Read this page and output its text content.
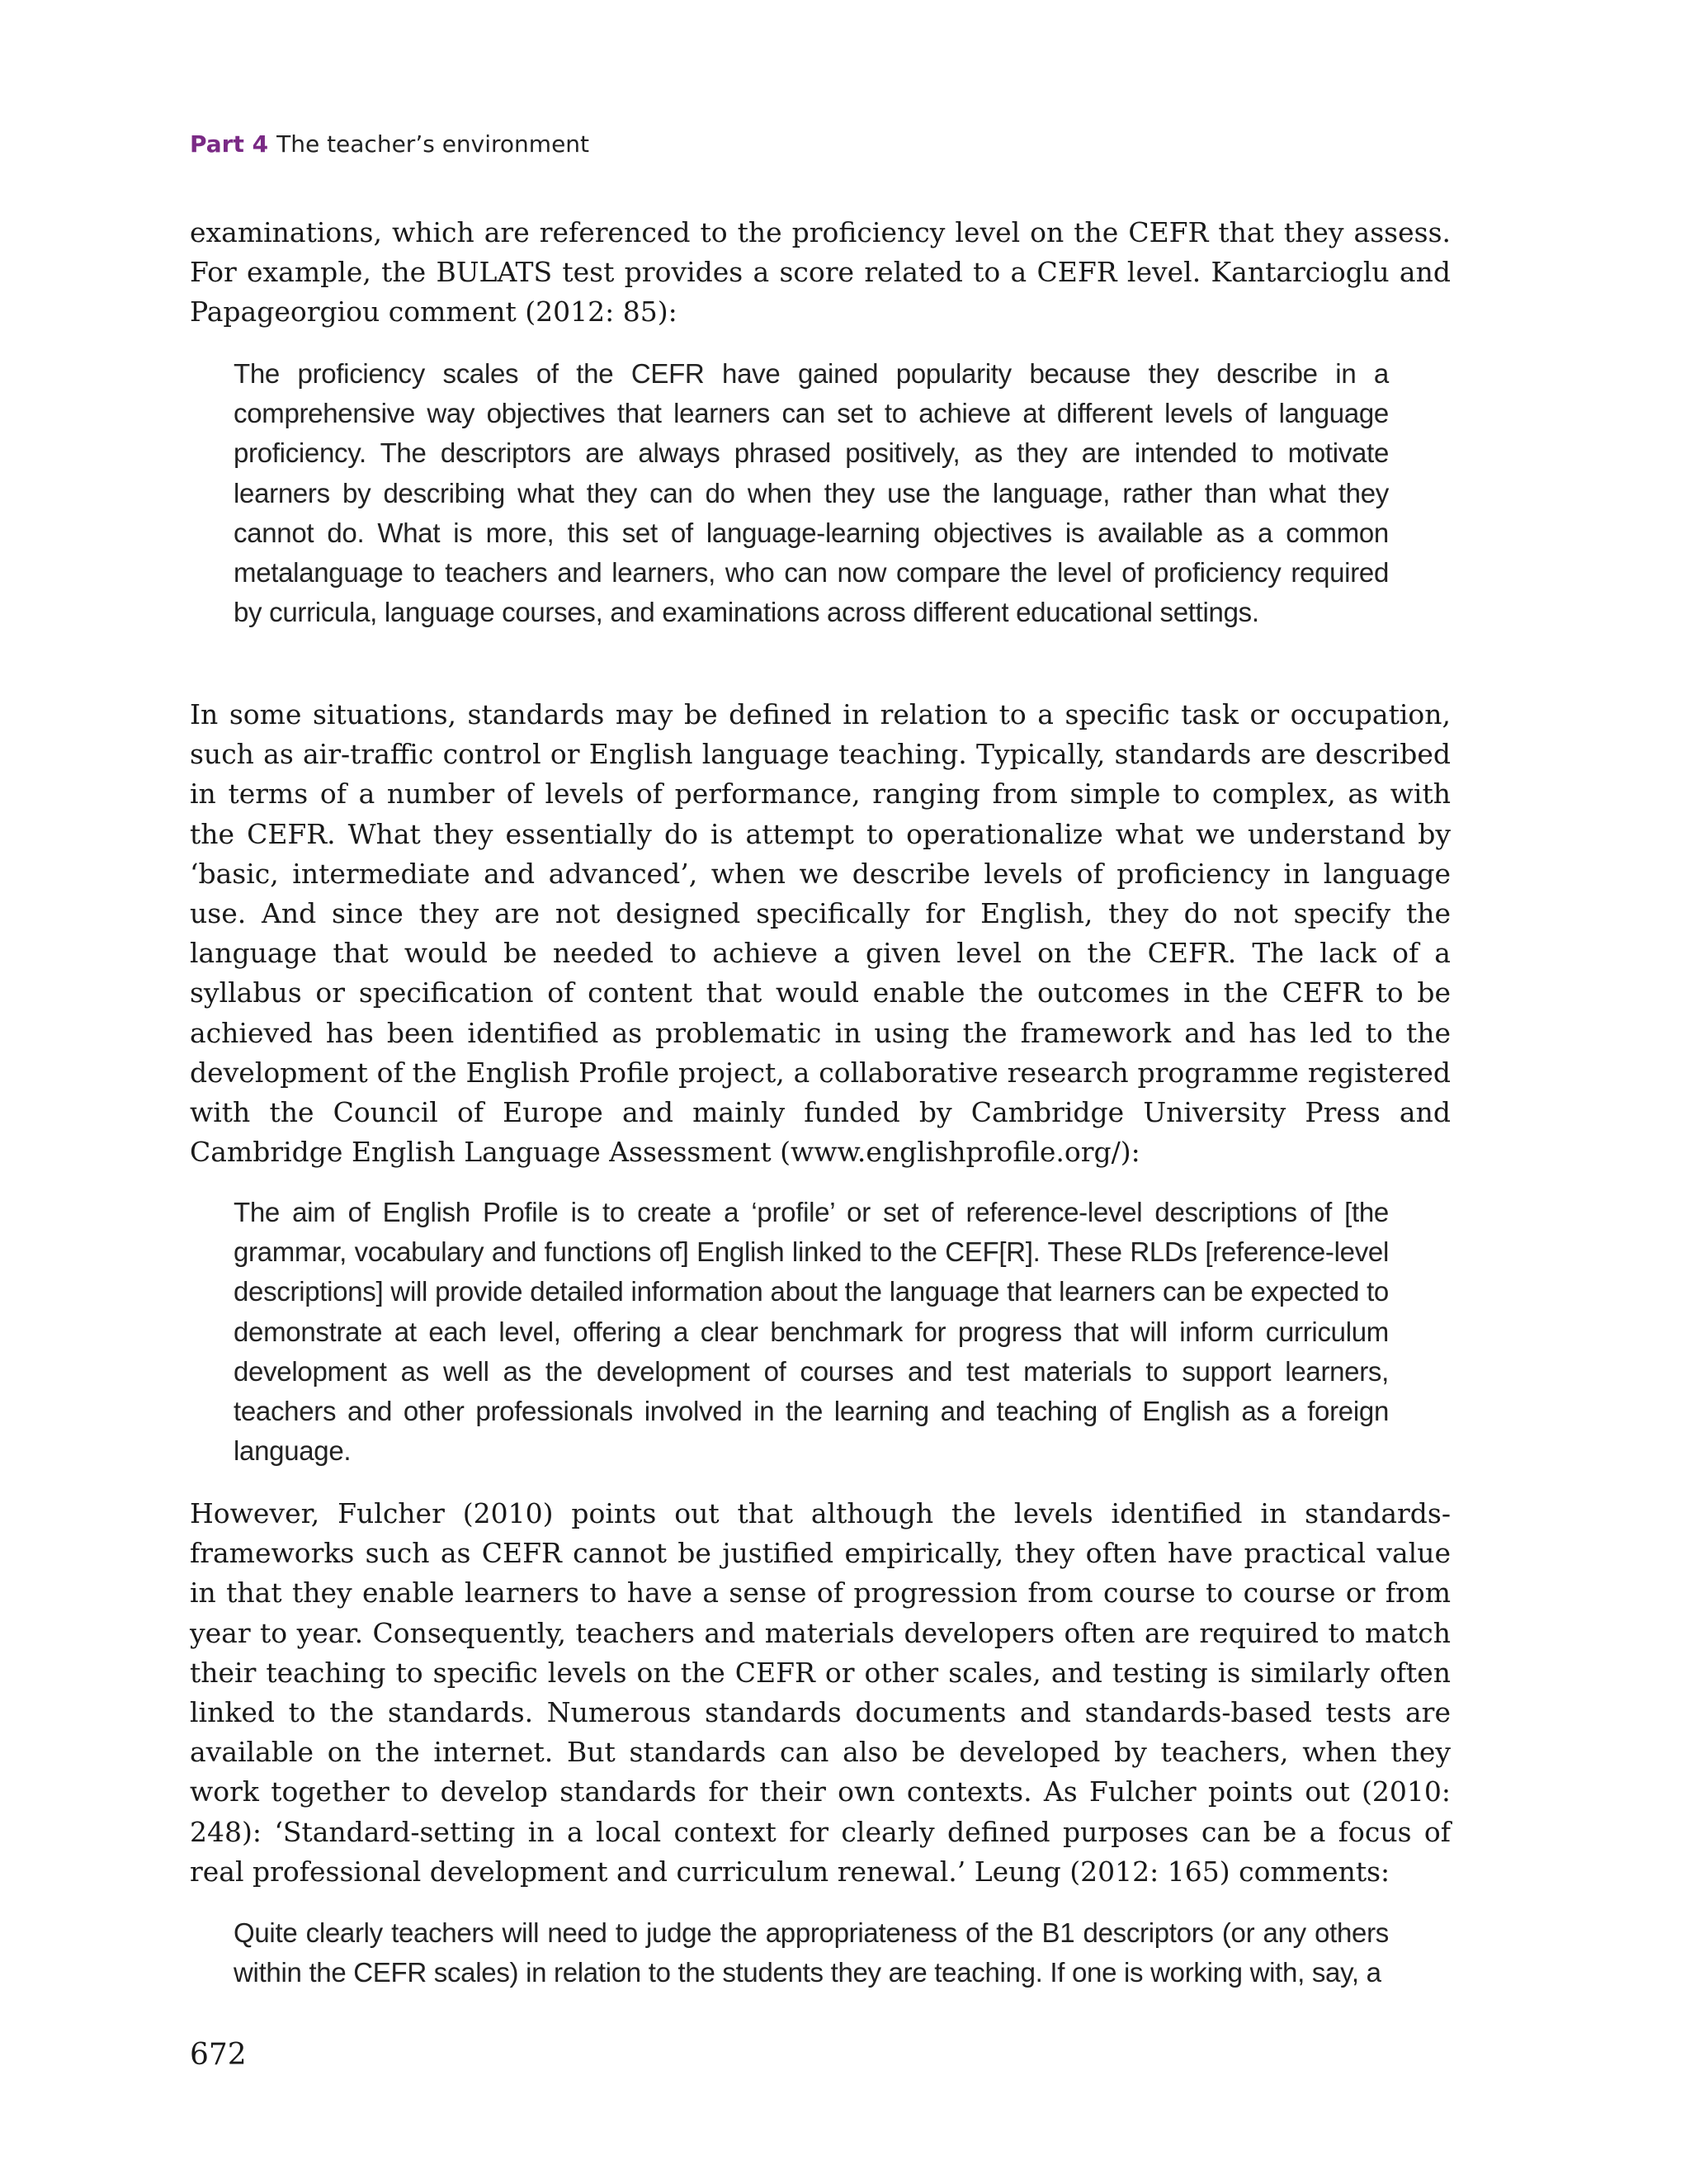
Part 4 The teacher’s environment

examinations, which are referenced to the proficiency level on the CEFR that they assess. For example, the BULATS test provides a score related to a CEFR level. Kantarcioglu and Papageorgiou comment (2012: 85):

The proficiency scales of the CEFR have gained popularity because they describe in a comprehensive way objectives that learners can set to achieve at different levels of language proficiency. The descriptors are always phrased positively, as they are intended to motivate learners by describing what they can do when they use the language, rather than what they cannot do. What is more, this set of language-learning objectives is available as a common metalanguage to teachers and learners, who can now compare the level of proficiency required by curricula, language courses, and examinations across different educational settings.

In some situations, standards may be defined in relation to a specific task or occupation, such as air-traffic control or English language teaching. Typically, standards are described in terms of a number of levels of performance, ranging from simple to complex, as with the CEFR. What they essentially do is attempt to operationalize what we understand by ‘basic, intermediate and advanced’, when we describe levels of proficiency in language use. And since they are not designed specifically for English, they do not specify the language that would be needed to achieve a given level on the CEFR. The lack of a syllabus or specification of content that would enable the outcomes in the CEFR to be achieved has been identified as problematic in using the framework and has led to the development of the English Profile project, a collaborative research programme registered with the Council of Europe and mainly funded by Cambridge University Press and Cambridge English Language Assessment (www.englishprofile.org/):

The aim of English Profile is to create a ‘profile’ or set of reference-level descriptions of [the grammar, vocabulary and functions of] English linked to the CEF[R]. These RLDs [reference-level descriptions] will provide detailed information about the language that learners can be expected to demonstrate at each level, offering a clear benchmark for progress that will inform curriculum development as well as the development of courses and test materials to support learners, teachers and other professionals involved in the learning and teaching of English as a foreign language.

However, Fulcher (2010) points out that although the levels identified in standards-frameworks such as CEFR cannot be justified empirically, they often have practical value in that they enable learners to have a sense of progression from course to course or from year to year. Consequently, teachers and materials developers often are required to match their teaching to specific levels on the CEFR or other scales, and testing is similarly often linked to the standards. Numerous standards documents and standards-based tests are available on the internet. But standards can also be developed by teachers, when they work together to develop standards for their own contexts. As Fulcher points out (2010: 248): ‘Standard-setting in a local context for clearly defined purposes can be a focus of real professional development and curriculum renewal.’ Leung (2012: 165) comments:

Quite clearly teachers will need to judge the appropriateness of the B1 descriptors (or any others within the CEFR scales) in relation to the students they are teaching. If one is working with, say, a

672
